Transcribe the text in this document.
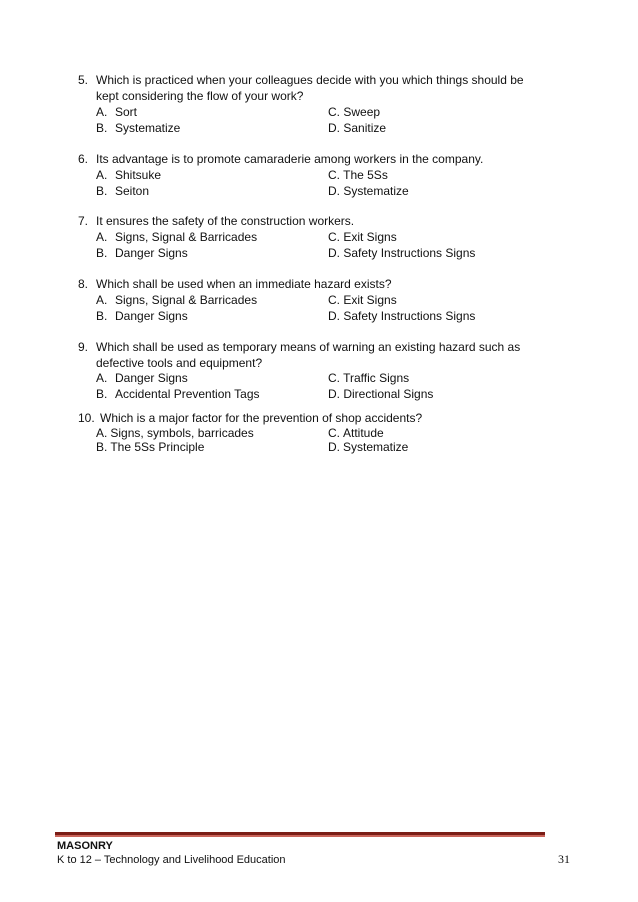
5. Which is practiced when your colleagues decide with you which things should be
kept considering the flow of your work?
A. Sort	C. Sweep
B. Systematize	D. Sanitize
6. Its advantage is to promote camaraderie among workers in the company.
A. Shitsuke	C. The 5Ss
B. Seiton	D. Systematize
7. It ensures the safety of the construction workers.
A. Signs, Signal & Barricades	C. Exit Signs
B. Danger Signs	D. Safety Instructions Signs
8. Which shall be used when an immediate hazard exists?
A. Signs, Signal & Barricades	C. Exit Signs
B. Danger Signs	D. Safety Instructions Signs
9. Which shall be used as temporary means of warning an existing hazard such as
defective tools and equipment?
A. Danger Signs	C. Traffic Signs
B. Accidental Prevention Tags	D. Directional Signs
10. Which is a major factor for the prevention of shop accidents?
A. Signs, symbols, barricades	C. Attitude
B. The 5Ss Principle	D. Systematize
MASONRY
K to 12 – Technology and Livelihood Education	31
